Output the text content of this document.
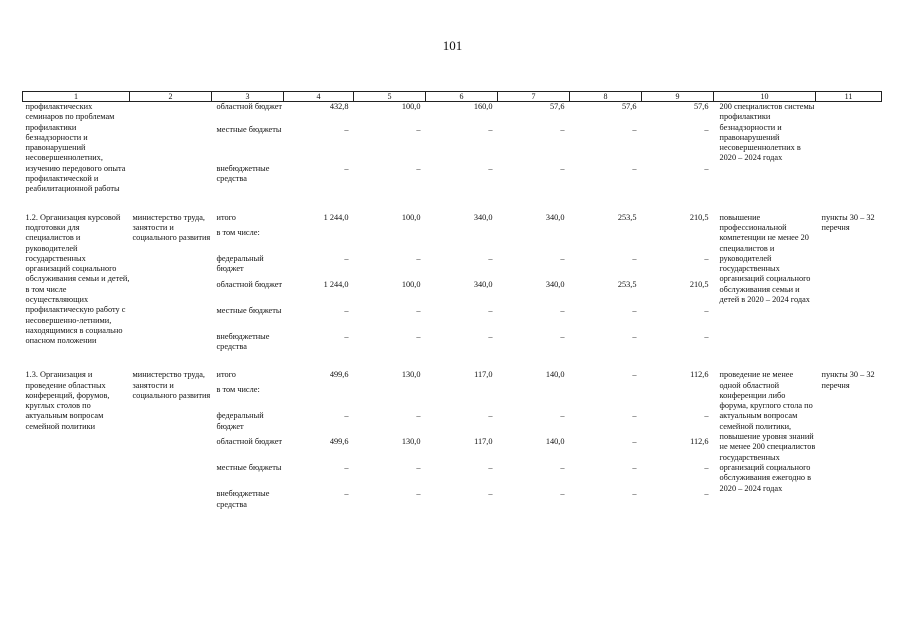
101
1	2	3	4	5	6	7	8	9	10	11
профилактических семинаров по проблемам профилактики безнадзорности и правонарушений несовершеннолетних, изучению передового опыта профилактической и реабилитационной работы		областной бюджет	432,8	100,0	160,0	57,6	57,6	57,6	200 специалистов системы профилактики безнадзорности и правонарушений несовершеннолетних в 2020 – 2024 годах	
		местные бюджеты	–	–	–	–	–	–		
		внебюджетные средства	–	–	–	–	–	–		

1.2. Организация курсовой подготовки для специалистов и руководителей государственных организаций социального обслуживания семьи и детей, в том числе осуществляющих профилактическую работу с несовершенно-летними, находящимися в социально опасном положении	министерство труда, занятости и социального развития	итого	1 244,0	100,0	340,0	340,0	253,5	210,5	повышение профессиональной компетенции не менее 20 специалистов и руководителей государственных организаций социального обслуживания семьи и детей в 2020 – 2024 годах	пункты 30 – 32 перечня
		в том числе:								
		федеральный бюджет	–	–	–	–	–	–		
		областной бюджет	1 244,0	100,0	340,0	340,0	253,5	210,5		
		местные бюджеты	–	–	–	–	–	–		
		внебюджетные средства	–	–	–	–	–	–		

1.3. Организация и проведение областных конференций, форумов, круглых столов по актуальным вопросам семейной политики	министерство труда, занятости и социального развития	итого	499,6	130,0	117,0	140,0	–	112,6	проведение не менее одной областной конференции либо форума, круглого стола по актуальным вопросам семейной политики, повышение уровня знаний не менее 200 специалистов государственных организаций социального обслуживания ежегодно в 2020 – 2024 годах	пункты 30 – 32 перечня
		в том числе:								
		федеральный бюджет	–	–	–	–	–	–		
		областной бюджет	499,6	130,0	117,0	140,0	–	112,6		
		местные бюджеты	–	–	–	–	–	–		
		внебюджетные средства	–	–	–	–	–	–		
